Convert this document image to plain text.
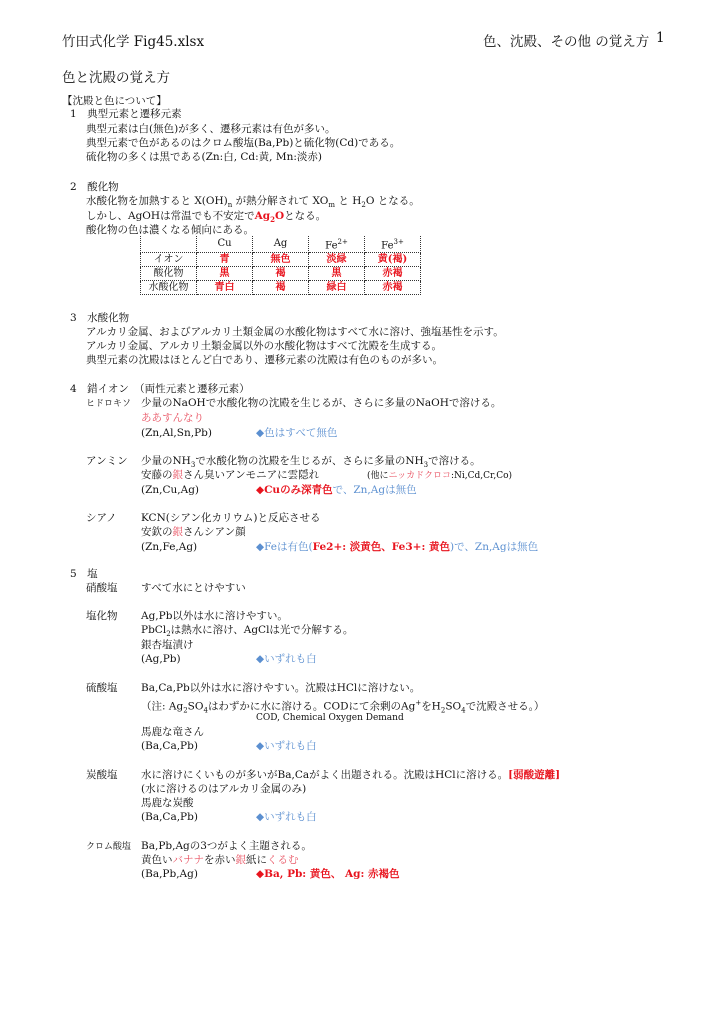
竹田式化学 Fig45.xlsx	色、沈殿、その他 の覚え方 1
色と沈殿の覚え方
【沈殿と色について】
1　典型元素と遷移元素
典型元素は白(無色)が多く、遷移元素は有色が多い。
典型元素で色があるのはクロム酸塩(Ba,Pb)と硫化物(Cd)である。
硫化物の多くは黒である(Zn:白, Cd:黄, Mn:淡赤)
2　酸化物
水酸化物を加熱すると $X(OH)_n$ が熱分解されて $XO_m$ と $H_2O$ となる。
しかし、AgOHは常温でも不安定で$Ag_2O$となる。
酸化物の色は濃くなる傾向にある。
	Cu	Ag	$Fe^{2+}$	$Fe^{3+}$
イオン	青	無色	淡緑	黄(褐)
酸化物	黒	褐	黒	赤褐
水酸化物	青白	褐	緑白	赤褐
3　水酸化物
アルカリ金属、およびアルカリ土類金属の水酸化物はすべて水に溶け、強塩基性を示す。
アルカリ金属、アルカリ土類金属以外の水酸化物はすべて沈殿を生成する。
典型元素の沈殿はほとんど白であり、遷移元素の沈殿は有色のものが多い。
4　錯イオン　（両性元素と遷移元素）
ヒドロキソ 少量のNaOHで水酸化物の沈殿を生じるが、さらに多量のNaOHで溶ける。
ああすんなり
(Zn,Al,Sn,Pb)	◆色はすべて無色
アンミン 少量の$NH_3$で水酸化物の沈殿を生じるが、さらに多量の$NH_3$で溶ける。
安藤の銀さん臭いアンモニアに雲隠れ	(他にニッカドクロコ:Ni,Cd,Cr,Co)
(Zn,Cu,Ag)	◆Cuのみ深青色で、Zn,Agは無色
シアノ KCN(シアン化カリウム)と反応させる
安欽の銀さんシアン顔
(Zn,Fe,Ag)	◆Feは有色(Fe2+: 淡黄色、Fe3+: 黄色)で、Zn,Agは無色
5　塩
硝酸塩 すべて水にとけやすい
塩化物 Ag,Pb以外は水に溶けやすい。
PbCl$_2$は熱水に溶け、AgClは光で分解する。
銀杏塩漬け
(Ag,Pb)	◆いずれも白
硫酸塩 Ba,Ca,Pb以外は水に溶けやすい。沈殿はHClに溶けない。
（注: $Ag_2SO_4$はわずかに水に溶ける。CODにて余剰のAg+を$H_2SO_4$で沈殿させる。）
COD, Chemical Oxygen Demand
馬鹿な竜さん
(Ba,Ca,Pb)	◆いずれも白
炭酸塩 水に溶けにくいものが多いがBa,Caがよく出題される。沈殿はHClに溶ける。[弱酸遊離]
(水に溶けるのはアルカリ金属のみ)
馬鹿な炭酸
(Ba,Ca,Pb)	◆いずれも白
クロム酸塩 Ba,Pb,Agの3つがよく主題される。
黄色いバナナを赤い銀紙にくるむ
(Ba,Pb,Ag)	◆Ba, Pb: 黄色、 Ag: 赤褐色
